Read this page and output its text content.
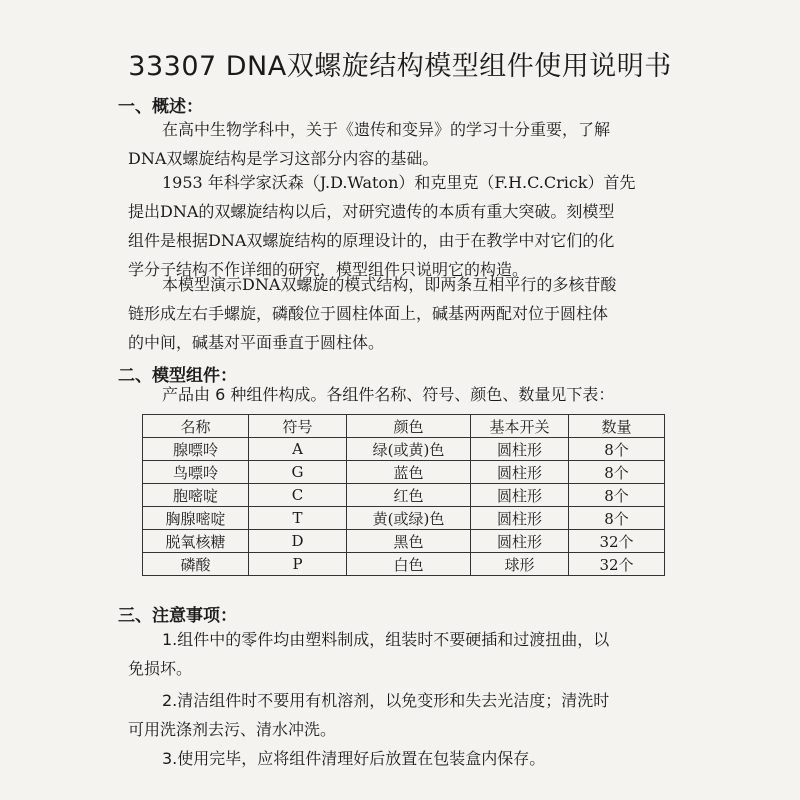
33307 DNA双螺旋结构模型组件使用说明书
一、概述：
在高中生物学科中，关于《遗传和变异》的学习十分重要，了解
DNA双螺旋结构是学习这部分内容的基础。
1953 年科学家沃森（J.D.Waton）和克里克（F.H.C.Crick）首先
提出DNA的双螺旋结构以后，对研究遗传的本质有重大突破。刻模型
组件是根据DNA双螺旋结构的原理设计的，由于在教学中对它们的化
学分子结构不作详细的研究，模型组件只说明它的构造。
本模型演示DNA双螺旋的模式结构，即两条互相平行的多核苷酸
链形成左右手螺旋，磷酸位于圆柱体面上，碱基两两配对位于圆柱体
的中间，碱基对平面垂直于圆柱体。
二、模型组件：
产品由 6 种组件构成。各组件名称、符号、颜色、数量见下表：
名称	符号	颜色	基本开关	数量
腺嘌呤	A	绿(或黄)色	圆柱形	8个
鸟嘌呤	G	蓝色	圆柱形	8个
胞嘧啶	C	红色	圆柱形	8个
胸腺嘧啶	T	黄(或绿)色	圆柱形	8个
脱氧核糖	D	黑色	圆柱形	32个
磷酸	P	白色	球形	32个
三、注意事项：
1.组件中的零件均由塑料制成，组装时不要硬插和过渡扭曲，以
免损坏。
2.清洁组件时不要用有机溶剂，以免变形和失去光洁度；清洗时
可用洗涤剂去污、清水冲洗。
3.使用完毕，应将组件清理好后放置在包装盒内保存。
